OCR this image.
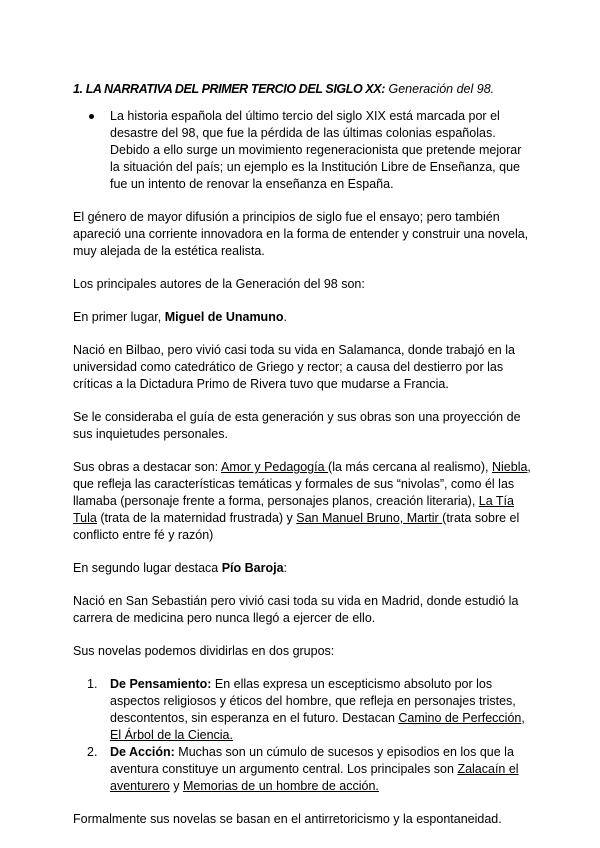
1. LA NARRATIVA DEL PRIMER TERCIO DEL SIGLO XX: Generación del 98.
La historia española del último tercio del siglo XIX está marcada por el desastre del 98, que fue la pérdida de las últimas colonias españolas. Debido a ello surge un movimiento regeneracionista que pretende mejorar la situación del país; un ejemplo es la Institución Libre de Enseñanza, que fue un intento de renovar la enseñanza en España.

El género de mayor difusión a principios de siglo fue el ensayo; pero también apareció una corriente innovadora en la forma de entender y construir una novela, muy alejada de la estética realista.

Los principales autores de la Generación del 98 son:

En primer lugar, Miguel de Unamuno.

Nació en Bilbao, pero vivió casi toda su vida en Salamanca, donde trabajó en la universidad como catedrático de Griego y rector; a causa del destierro por las críticas a la Dictadura Primo de Rivera tuvo que mudarse a Francia.

Se le consideraba el guía de esta generación y sus obras son una proyección de sus inquietudes personales.

Sus obras a destacar son: Amor y Pedagogía (la más cercana al realismo), Niebla, que refleja las características temáticas y formales de sus “nivolas”, como él las llamaba (personaje frente a forma, personajes planos, creación literaria), La Tía Tula (trata de la maternidad frustrada) y San Manuel Bruno, Martir (trata sobre el conflicto entre fé y razón)

En segundo lugar destaca Pío Baroja:

Nació en San Sebastián pero vivió casi toda su vida en Madrid, donde estudió la carrera de medicina pero nunca llegó a ejercer de ello.

Sus novelas podemos dividirlas en dos grupos:

1. De Pensamiento: En ellas expresa un escepticismo absoluto por los aspectos religiosos y éticos del hombre, que refleja en personajes tristes, descontentos, sin esperanza en el futuro. Destacan Camino de Perfección, El Árbol de la Ciencia.
2. De Acción: Muchas son un cúmulo de sucesos y episodios en los que la aventura constituye un argumento central. Los principales son Zalacaín el aventurero y Memorias de un hombre de acción.

Formalmente sus novelas se basan en el antirretoricismo y la espontaneidad.
